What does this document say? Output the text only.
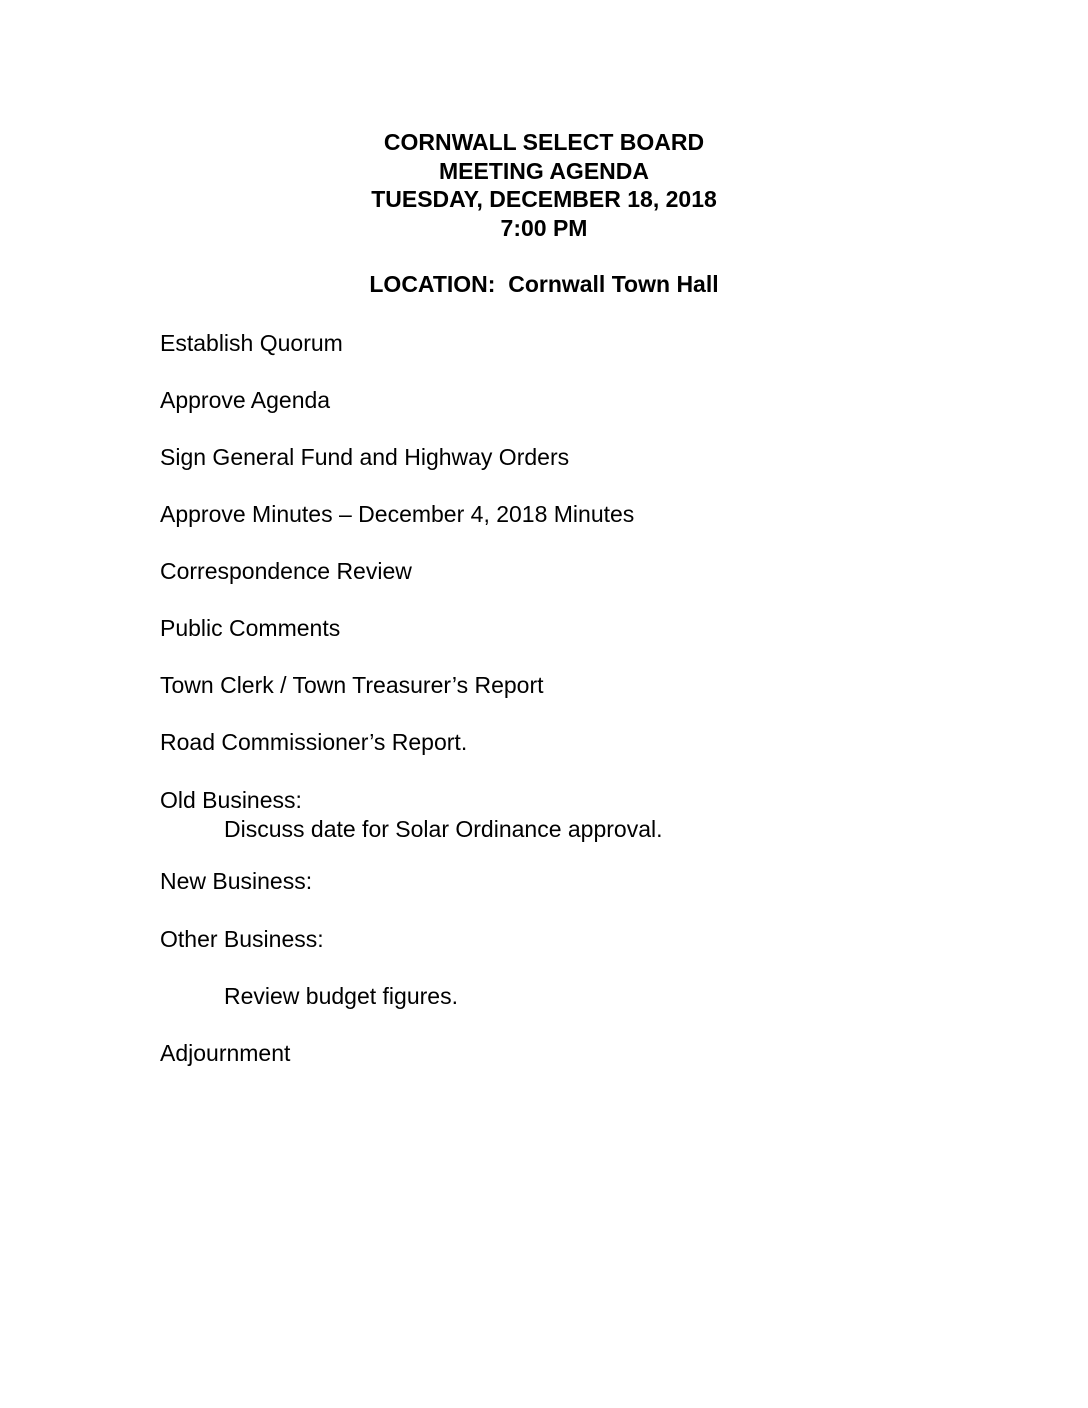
CORNWALL SELECT BOARD
MEETING AGENDA
TUESDAY, DECEMBER 18, 2018
7:00 PM
LOCATION:  Cornwall Town Hall
Establish Quorum
Approve Agenda
Sign General Fund and Highway Orders
Approve Minutes – December 4, 2018 Minutes
Correspondence Review
Public Comments
Town Clerk / Town Treasurer’s Report
Road Commissioner’s Report.
Old Business:
Discuss date for Solar Ordinance approval.
New Business:
Other Business:
Review budget figures.
Adjournment
